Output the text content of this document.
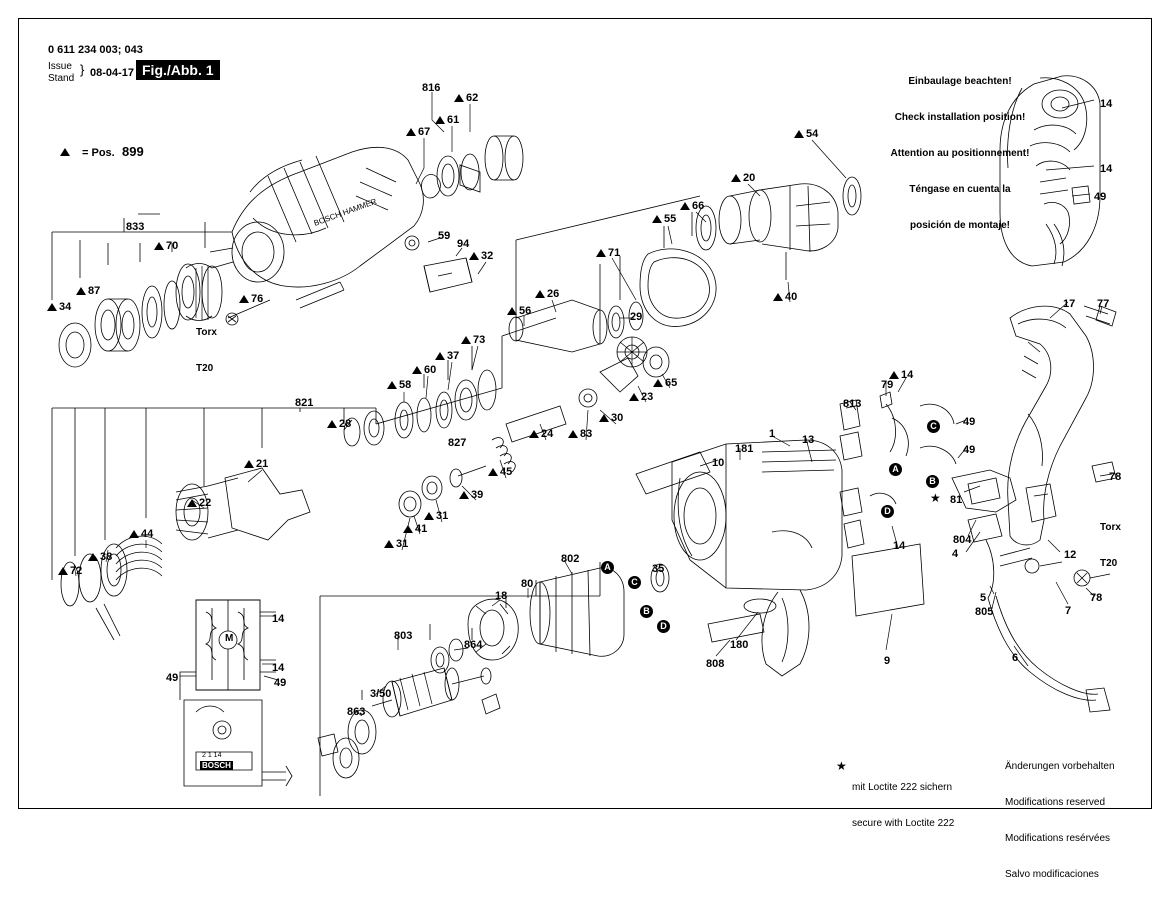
0 611 234 003; 043
Stand
Issue } 08-04-17 Fig./Abb. 1
= Pos. 899

Einbaulage beachten!

Check installation position!

Attention au positionnement!

Téngase en cuenta la

posición de montaje!

★

mit Loctite 222 sichern

secure with Loctite 222

Änderungen vorbehalten

Modifications reserved

Modifications resérvées

Salvo modificaciones

Torx

T20

Torx

T20

BOSCH HAMMER
816
62
61
67	54
14
14
49
20
833
70
66
55
59
94
32	71
87
34
76
29
40
17 77
56
26
73
37
65
23
60
58	79
14
813
30
83
821
28
827	13
49
49
181
1
24
21	10
45
39
22
14
78
81
31
41
31
44
38
804
4	12
802
35
72
5
805	7
78
18
80
803
864	180
808	9	6
14
14
49
49
863
3/50
A
C
B
D
A
B
C
D
M
2 1 14
BOSCH
★
